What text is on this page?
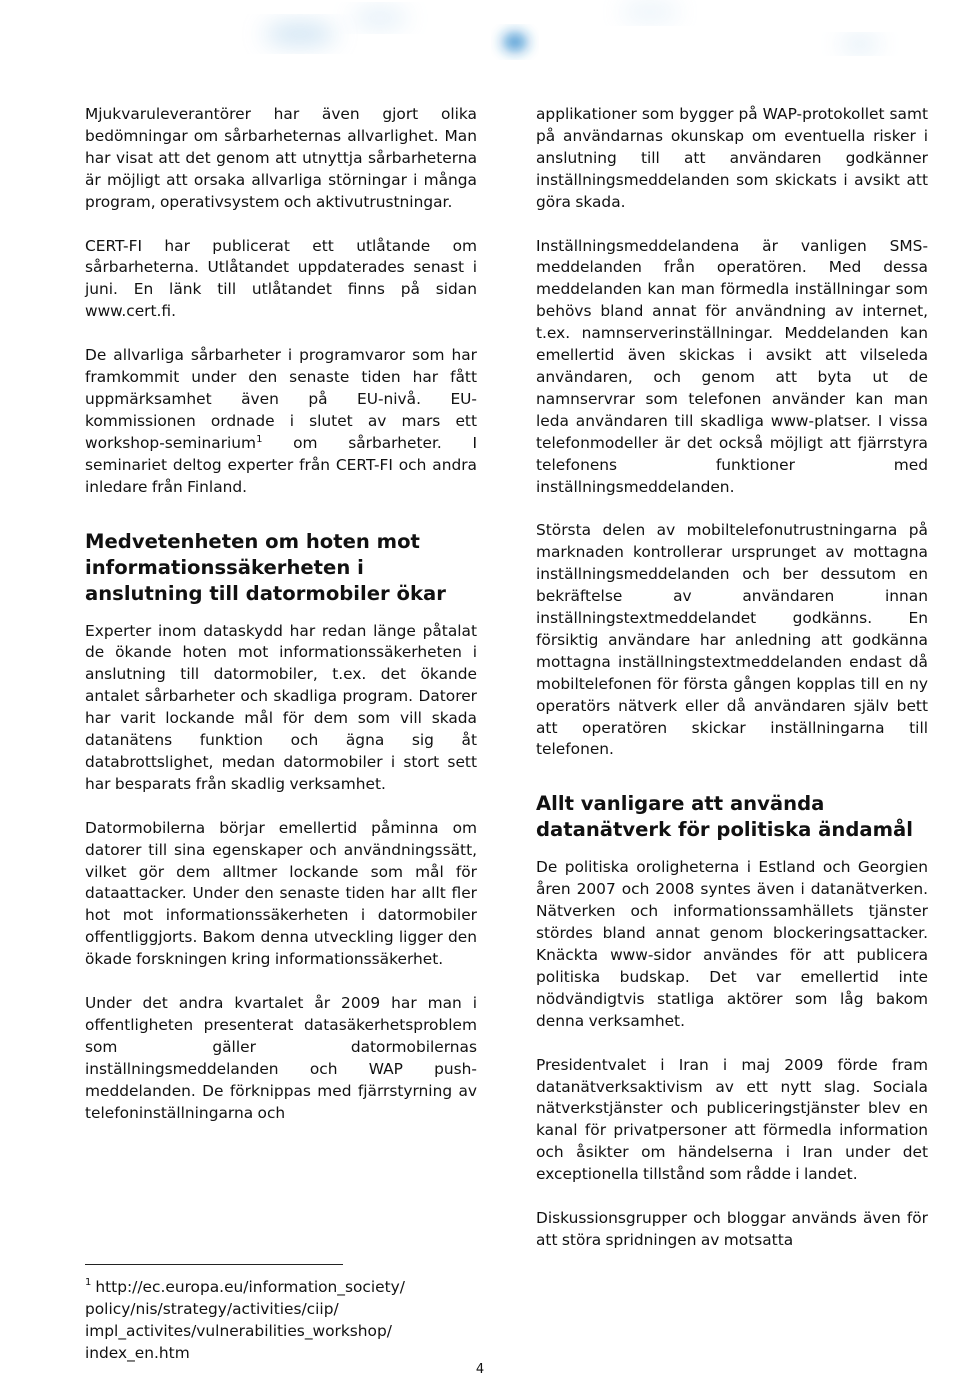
Mjukvaruleverantörer har även gjort olika bedömningar om sårbarheternas allvarlighet. Man har visat att det genom att utnyttja sårbarheterna är möjligt att orsaka allvarliga störningar i många program, operativsystem och aktivutrustningar.

CERT-FI har publicerat ett utlåtande om sårbarheterna. Utlåtandet uppdaterades senast i juni. En länk till utlåtandet finns på sidan www.cert.fi.

De allvarliga sårbarheter i programvaror som har framkommit under den senaste tiden har fått uppmärksamhet även på EU-nivå. EU-kommissionen ordnade i slutet av mars ett workshop-seminarium$^1$ om sårbarheter. I seminariet deltog experter från CERT-FI och andra inledare från Finland.

Medvetenheten om hoten mot informationssäkerheten i anslutning till datormobiler ökar

Experter inom dataskydd har redan länge påtalat de ökande hoten mot informationssäkerheten i anslutning till datormobiler, t.ex. det ökande antalet sårbarheter och skadliga program. Datorer har varit lockande mål för dem som vill skada datanätens funktion och ägna sig åt databrottslighet, medan datormobiler i stort sett har besparats från skadlig verksamhet.

Datormobilerna börjar emellertid påminna om datorer till sina egenskaper och användningssätt, vilket gör dem alltmer lockande som mål för dataattacker. Under den senaste tiden har allt fler hot mot informationssäkerheten i datormobiler offentliggjorts. Bakom denna utveckling ligger den ökade forskningen kring informationssäkerhet.

Under det andra kvartalet år 2009 har man i offentligheten presenterat datasäkerhetsproblem som gäller datormobilernas inställningsmeddelanden och WAP push-meddelanden. De förknippas med fjärrstyrning av telefoninställningarna och

applikationer som bygger på WAP-protokollet samt på användarnas okunskap om eventuella risker i anslutning till att användaren godkänner inställningsmeddelanden som skickats i avsikt att göra skada.

Inställningsmeddelandena är vanligen SMS-meddelanden från operatören. Med dessa meddelanden kan man förmedla inställningar som behövs bland annat för användning av internet, t.ex. namnserverinställningar. Meddelanden kan emellertid även skickas i avsikt att vilseleda användaren, och genom att byta ut de namnservrar som telefonen använder kan man leda användaren till skadliga www-platser. I vissa telefonmodeller är det också möjligt att fjärrstyra telefonens funktioner med inställningsmeddelanden.

Största delen av mobiltelefonutrustningarna på marknaden kontrollerar ursprunget av mottagna inställningsmeddelanden och ber dessutom en bekräftelse av användaren innan inställningstextmeddelandet godkänns. En försiktig användare har anledning att godkänna mottagna inställningstextmeddelanden endast då mobiltelefonen för första gången kopplas till en ny operatörs nätverk eller då användaren själv bett att operatören skickar inställningarna till telefonen.

Allt vanligare att använda datanätverk för politiska ändamål

De politiska oroligheterna i Estland och Georgien åren 2007 och 2008 syntes även i datanätverken. Nätverken och informationssamhällets tjänster stördes bland annat genom blockeringsattacker. Knäckta www-sidor användes för att publicera politiska budskap. Det var emellertid inte nödvändigtvis statliga aktörer som låg bakom denna verksamhet.

Presidentvalet i Iran i maj 2009 förde fram datanätverksaktivism av ett nytt slag. Sociala nätverkstjänster och publiceringstjänster blev en kanal för privatpersoner att förmedla information och åsikter om händelserna i Iran under det exceptionella tillstånd som rådde i landet.

Diskussionsgrupper och bloggar används även för att störa spridningen av motsatta

$^1$ http://ec.europa.eu/information_society/ policy/nis/strategy/activities/ciip/ impl_activites/vulnerabilities_workshop/ index_en.htm
4
